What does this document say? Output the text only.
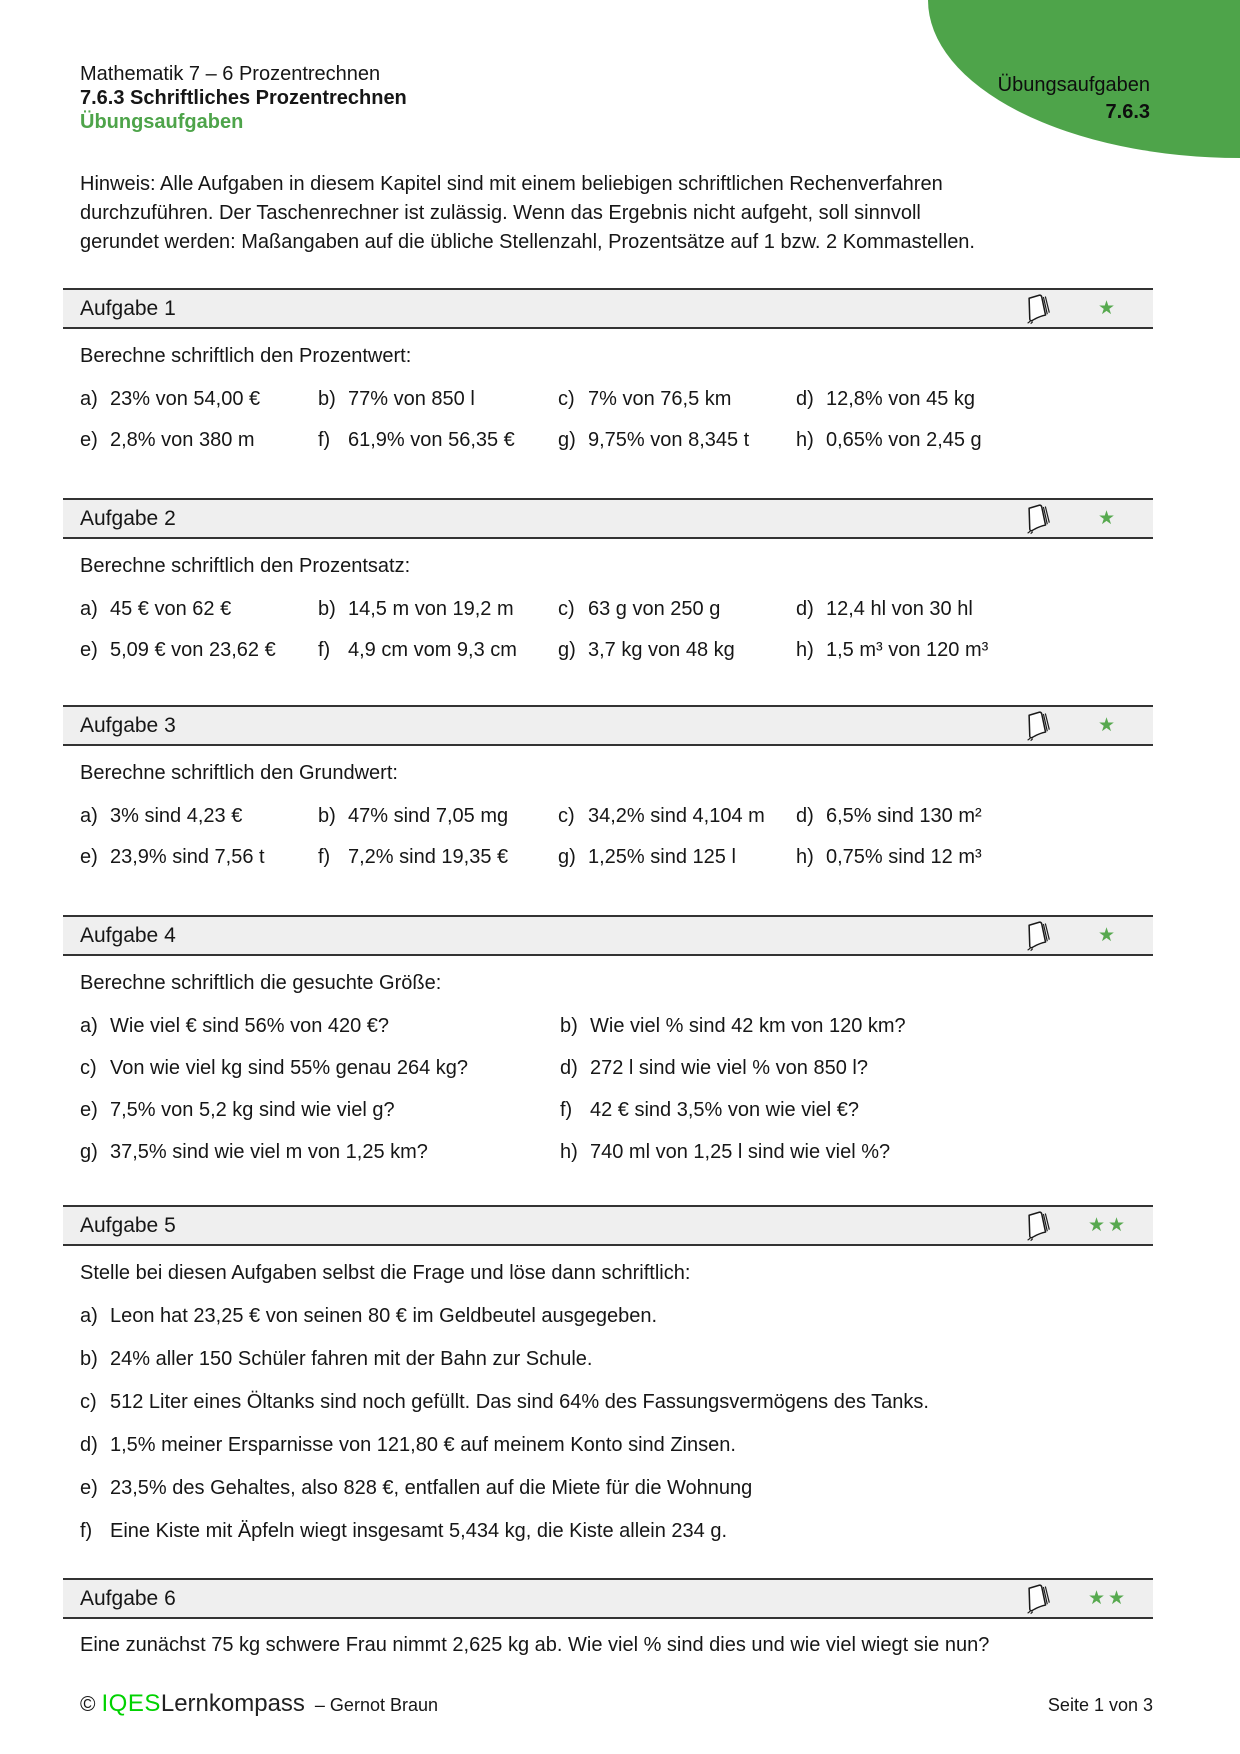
Übungsaufgaben
7.6.3
Mathematik 7 – 6 Prozentrechnen
7.6.3 Schriftliches Prozentrechnen
Übungsaufgaben
Hinweis: Alle Aufgaben in diesem Kapitel sind mit einem beliebigen schriftlichen Rechenverfahren
durchzuführen. Der Taschenrechner ist zulässig. Wenn das Ergebnis nicht aufgeht, soll sinnvoll
gerundet werden: Maßangaben auf die übliche Stellenzahl, Prozentsätze auf 1 bzw. 2 Kommastellen.
Aufgabe 1	★
Berechne schriftlich den Prozentwert:
a) 23% von 54,00 €	b) 77% von 850 l	c) 7% von 76,5 km	d) 12,8% von 45 kg
e) 2,8% von 380 m	f) 61,9% von 56,35 € g) 9,75% von 8,345 t h) 0,65% von 2,45 g
Aufgabe 2	★
Berechne schriftlich den Prozentsatz:
a) 45 € von 62 €	b) 14,5 m von 19,2 m c) 63 g von 250 g	d) 12,4 hl von 30 hl
e) 5,09 € von 23,62 € f) 4,9 cm vom 9,3 cm g) 3,7 kg von 48 kg	h) 1,5 m³ von 120 m³
Aufgabe 3	★
Berechne schriftlich den Grundwert:
a) 3% sind 4,23 €	b) 47% sind 7,05 mg c) 34,2% sind 4,104 m d) 6,5% sind 130 m²
e) 23,9% sind 7,56 t	f) 7,2% sind 19,35 € g) 1,25% sind 125 l	h) 0,75% sind 12 m³
Aufgabe 4	★
Berechne schriftlich die gesuchte Größe:
a) Wie viel € sind 56% von 420 €?	b) Wie viel % sind 42 km von 120 km?
c) Von wie viel kg sind 55% genau 264 kg?	d) 272 l sind wie viel % von 850 l?
e) 7,5% von 5,2 kg sind wie viel g?	f) 42 € sind 3,5% von wie viel €?
g) 37,5% sind wie viel m von 1,25 km?	h) 740 ml von 1,25 l sind wie viel %?
Aufgabe 5	★★
Stelle bei diesen Aufgaben selbst die Frage und löse dann schriftlich:
a) Leon hat 23,25 € von seinen 80 € im Geldbeutel ausgegeben.
b) 24% aller 150 Schüler fahren mit der Bahn zur Schule.
c) 512 Liter eines Öltanks sind noch gefüllt. Das sind 64% des Fassungsvermögens des Tanks.
d) 1,5% meiner Ersparnisse von 121,80 € auf meinem Konto sind Zinsen.
e) 23,5% des Gehaltes, also 828 €, entfallen auf die Miete für die Wohnung
f) Eine Kiste mit Äpfeln wiegt insgesamt 5,434 kg, die Kiste allein 234 g.
Aufgabe 6	★★
Eine zunächst 75 kg schwere Frau nimmt 2,625 kg ab. Wie viel % sind dies und wie viel wiegt sie nun?
© IQES Lernkompass – Gernot Braun	Seite 1 von 3
